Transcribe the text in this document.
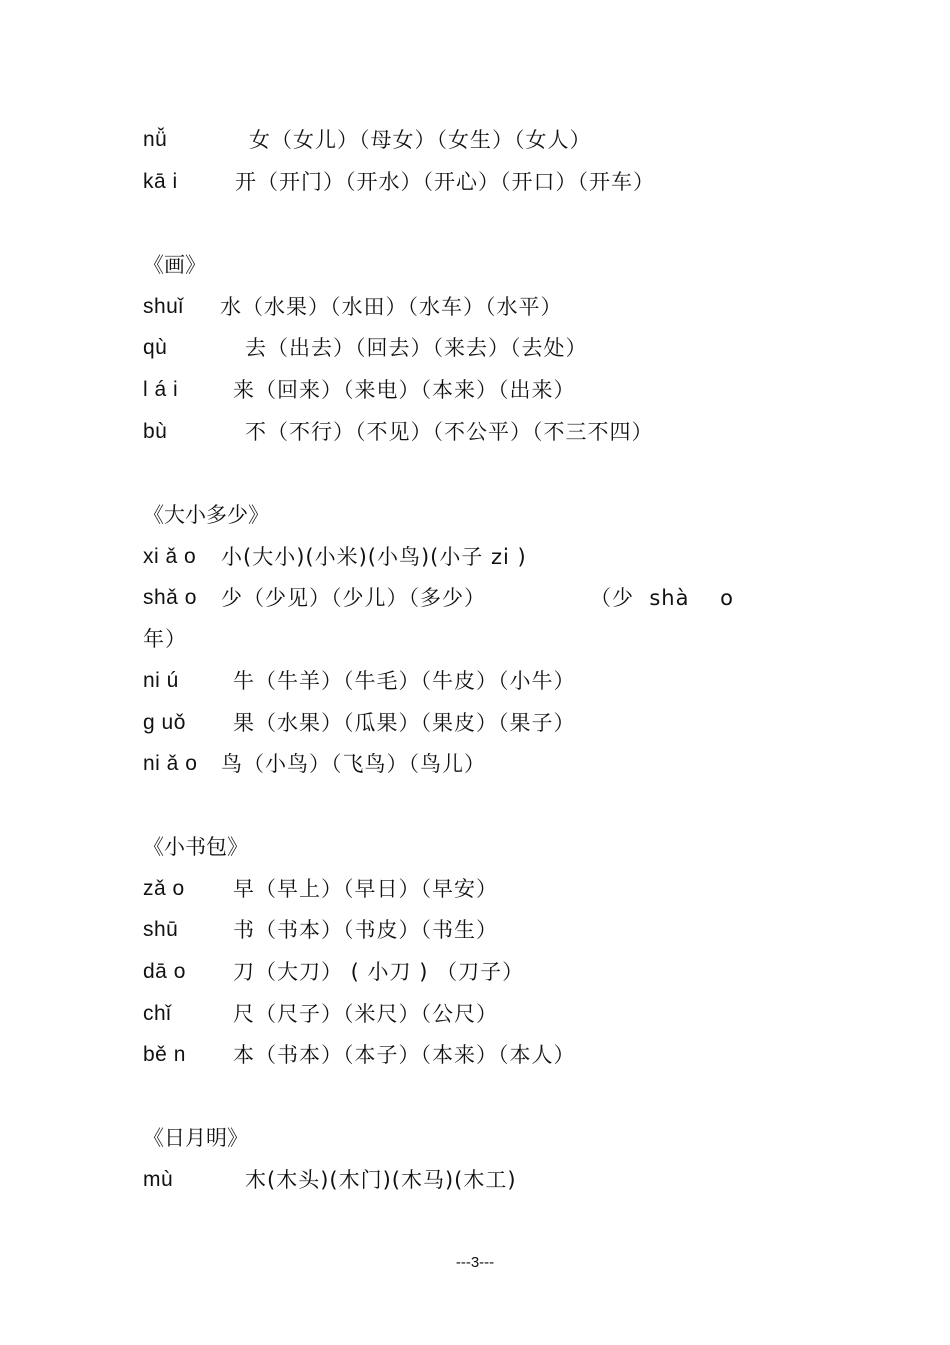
nǚ	女（女儿）（母女）（女生）（女人）
kā i	开（开门）（开水）（开心）（开口）（开车）
《画》
shuǐ 水（水果）（水田）（水车）（水平）
qù	去（出去）（回去）（来去）（去处）
l á i	来（回来）（来电）（本来）（出来）
bù	不（不行）（不见）（不公平）（不三不四）
《大小多少》
xi ǎ o 小(大小)(小米)(小鸟)(小子 zi )
shǎ o 少（少见）（少儿）（多少）	（少  shà    o
年）
ni ú	牛（牛羊）（牛毛）（牛皮）（小牛）
g uǒ 果（水果）（瓜果）（果皮）（果子）
ni ǎ o 鸟（小鸟）（飞鸟）（鸟儿）
《小书包》
zǎ o 早（早上）（早日）（早安）
shū	书（书本）（书皮）（书生）
dā o 刀（大刀） ( 小刀 ) （刀子）
chǐ	尺（尺子）（米尺）（公尺）
bě n 本（书本）（本子）（本来）（本人）
《日月明》
mù	木(木头)(木门)(木马)(木工)
---3---
